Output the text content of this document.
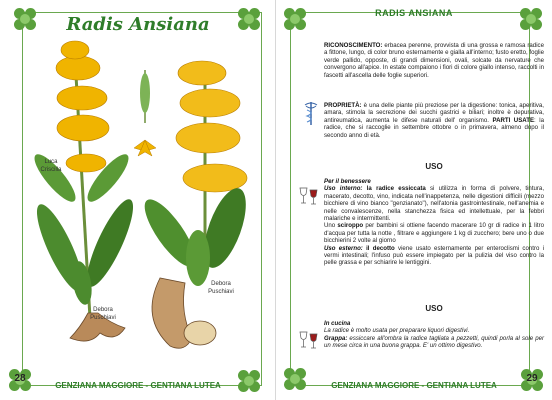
Radis Ansiana
Luca
Criscilla
Debora
Puschiavi
Debora
Puschiavi
28
GENZIANA MAGGIORE - GENTIANA LUTEA
RADIS ANSIANA
RICONOSCIMENTO: erbacea perenne, provvista di una grossa e ramosa radice a fittone, lungo, di color bruno esternamente e gialla all'interno; fusto eretto, foglie verde pallido, opposte, di grandi dimensioni, ovali, solcate da nervature che convergono all'apice. In estate compaiono i fiori di colore giallo intenso, raccolti in fascetti all'ascella delle foglie superiori.
PROPRIETÀ: è una delle piante più preziose per la digestione: tonica, aperitiva, amara, stimola la secrezione dei succhi gastrici e biliari; inoltre è depurativa, antireumatica, aumenta le difese naturali dell' organismo. PARTI USATE: la radice, che si raccoglie in settembre ottobre o in primavera, almeno dopo il secondo anno di età.
USO
Per il benessere
Uso interno: la radice essiccata si utilizza in forma di polvere, tintura, macerato, decotto, vino, indicata nell'inappetenza, nelle digestioni difficili (mezzo bicchiere di vino bianco "genzianato"), nell'atonia gastrointestinale, nell'anemia e nelle convalescenze, nella stanchezza fisica ed intellettuale, per la febbri malariche e intermittenti.
Uno sciroppo per bambini si ottiene facendo macerare 10 gr di radice in 1 litro d'acqua per tutta la notte , filtrare e aggiungere 1 kg di zucchero; bere uno o due bicchierini 2 volte al giorno
Uso esterno: il decotto viene usato esternamente per enteroclismi contro i vermi intestinali; l'infuso può essere impiegato per la pulizia del viso contro la pelle grassa e per schiarire le lentiggini.
USO
In cucina
La radice è molto usata per preparare liquori digestivi.
Grappa: essiccare all'ombra la radice tagliata a pezzetti, quindi porla al sole per un mese circa in una buona grappa. E' un ottimo digestivo.
GENZIANA MAGGIORE - GENTIANA LUTEA
29
